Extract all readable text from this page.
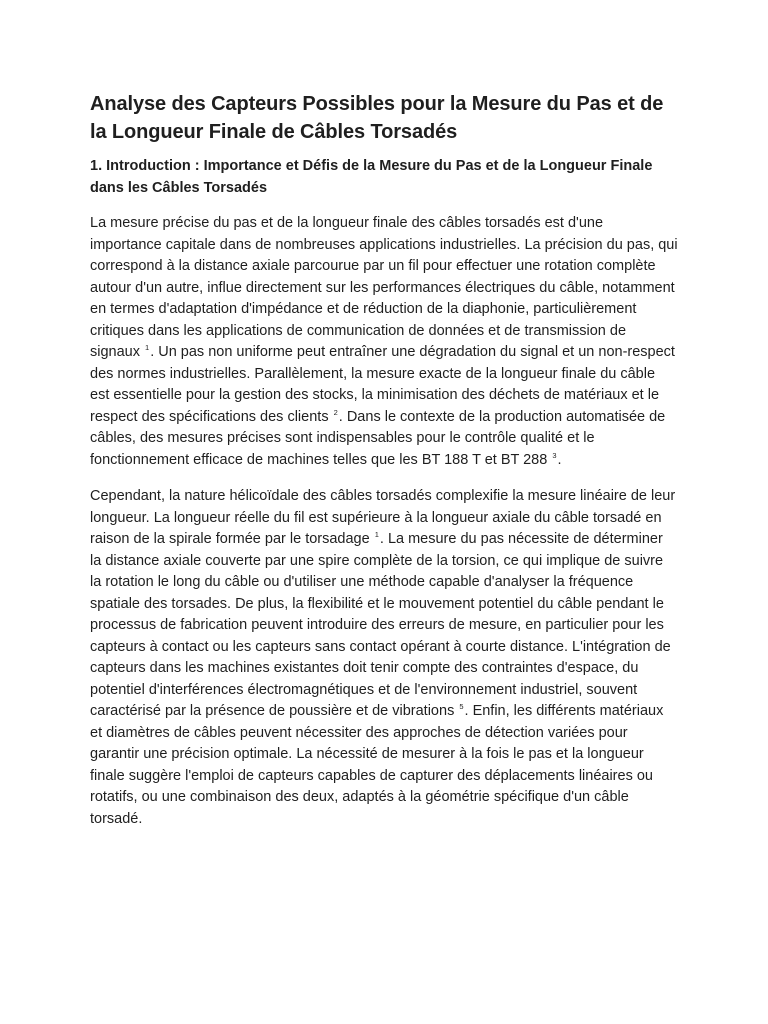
Analyse des Capteurs Possibles pour la Mesure du Pas et de la Longueur Finale de Câbles Torsadés
1. Introduction : Importance et Défis de la Mesure du Pas et de la Longueur Finale dans les Câbles Torsadés

La mesure précise du pas et de la longueur finale des câbles torsadés est d'une importance capitale dans de nombreuses applications industrielles. La précision du pas, qui correspond à la distance axiale parcourue par un fil pour effectuer une rotation complète autour d'un autre, influe directement sur les performances électriques du câble, notamment en termes d'adaptation d'impédance et de réduction de la diaphonie, particulièrement critiques dans les applications de communication de données et de transmission de signaux $^1$. Un pas non uniforme peut entraîner une dégradation du signal et un non-respect des normes industrielles. Parallèlement, la mesure exacte de la longueur finale du câble est essentielle pour la gestion des stocks, la minimisation des déchets de matériaux et le respect des spécifications des clients $^2$. Dans le contexte de la production automatisée de câbles, des mesures précises sont indispensables pour le contrôle qualité et le fonctionnement efficace de machines telles que les BT 188 T et BT 288 $^3$.

Cependant, la nature hélicoïdale des câbles torsadés complexifie la mesure linéaire de leur longueur. La longueur réelle du fil est supérieure à la longueur axiale du câble torsadé en raison de la spirale formée par le torsadage $^1$. La mesure du pas nécessite de déterminer la distance axiale couverte par une spire complète de la torsion, ce qui implique de suivre la rotation le long du câble ou d'utiliser une méthode capable d'analyser la fréquence spatiale des torsades. De plus, la flexibilité et le mouvement potentiel du câble pendant le processus de fabrication peuvent introduire des erreurs de mesure, en particulier pour les capteurs à contact ou les capteurs sans contact opérant à courte distance. L'intégration de capteurs dans les machines existantes doit tenir compte des contraintes d'espace, du potentiel d'interférences électromagnétiques et de l'environnement industriel, souvent caractérisé par la présence de poussière et de vibrations $^5$. Enfin, les différents matériaux et diamètres de câbles peuvent nécessiter des approches de détection variées pour garantir une précision optimale. La nécessité de mesurer à la fois le pas et la longueur finale suggère l'emploi de capteurs capables de capturer des déplacements linéaires ou rotatifs, ou une combinaison des deux, adaptés à la géométrie spécifique d'un câble torsadé.
